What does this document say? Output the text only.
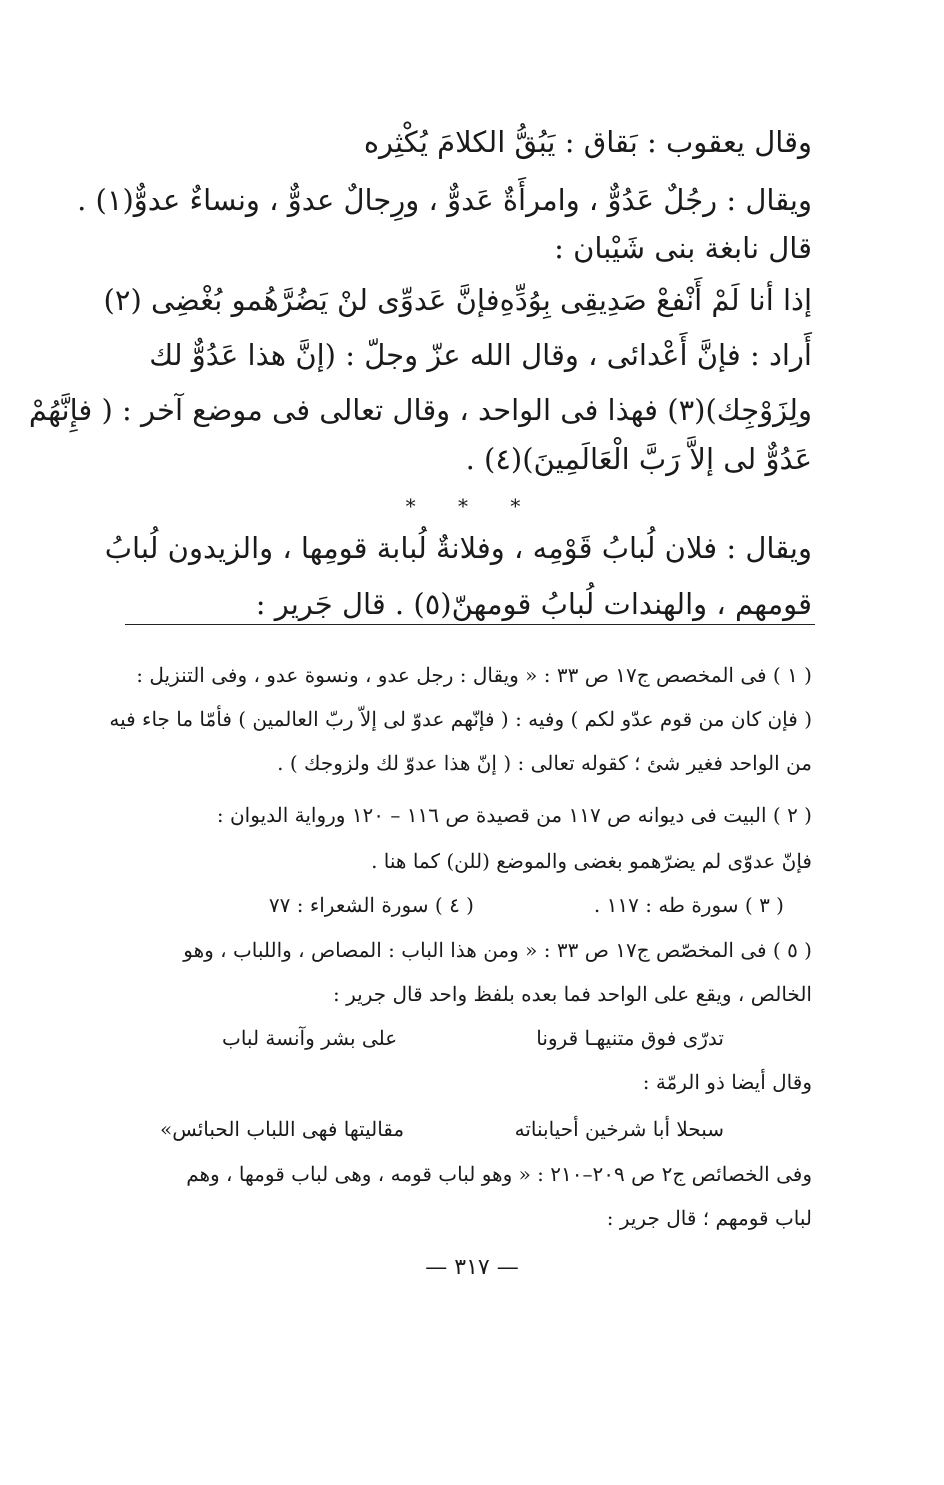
وقال يعقوب : بَقاق : يَبُقُّ الكلامَ يُكْثِره
ويقال : رجُلٌ عَدُوٌّ ، وامرأَةٌ عَدوٌّ ، ورِجالٌ عدوٌّ ، ونساءٌ عدوٌّ(١) .
قال نابغة بنى شَيْبان :
إذا أنا لَمْ أَنْفعْ صَدِيقِى بِوُدِّهِ
فإنَّ عَدوِّى لنْ يَضُرَّهُمو بُغْضِى (٢)
أَراد : فإنَّ أَعْدائى ، وقال الله عزّ وجلّ : (إنَّ هذا عَدُوٌّ لك
ولِزَوْجِك)(٣) فهذا فى الواحد ، وقال تعالى فى موضع آخر : ( فإِنَّهُمْ
عَدُوٌّ لى إلاَّ رَبَّ الْعَالَمِينَ)(٤) .
* * *
ويقال : فلان لُبابُ قَوْمِه ، وفلانةٌ لُبابة قومِها ، والزيدون لُبابُ
قومهم ، والهندات لُبابُ قومهنّ(٥) . قال جَرير :
( ١ ) فى المخصص ج١٧ ص ٣٣ : « ويقال : رجل عدو ، ونسوة عدو ، وفى التنزيل :
( فإن كان من قوم عدّو لكم ) وفيه : ( فإنّهم عدوّ لى إلاّ ربّ العالمين ) فأمّا ما جاء فيه
من الواحد فغير شئ ؛ كقوله تعالى : ( إنّ هذا عدوّ لك ولزوجك ) .
( ٢ ) البيت فى ديوانه ص ١١٧ من قصيدة ص ١١٦ – ١٢٠ ورواية الديوان :
فإنّ عدوّى لم يضرّهمو بغضى والموضع (للن) كما هنا .
( ٣ ) سورة طه : ١١٧ .
( ٤ ) سورة الشعراء : ٧٧
( ٥ ) فى المخصّص ج١٧ ص ٣٣ : « ومن هذا الباب : المصاص ، واللباب ، وهو
الخالص ، ويقع على الواحد فما بعده بلفظ واحد قال جرير :
تدرّى فوق متنيهـا قرونا
على بشر وآنسة لباب
وقال أيضا ذو الرمّة :
سبحلا أبا شرخين أحيابناته
مقاليتها فهى اللباب الحبائس»
وفى الخصائص ج٢ ص ٢٠٩–٢١٠ : « وهو لباب قومه ، وهى لباب قومها ، وهم
لباب قومهم ؛ قال جرير :
— ٣١٧ —
